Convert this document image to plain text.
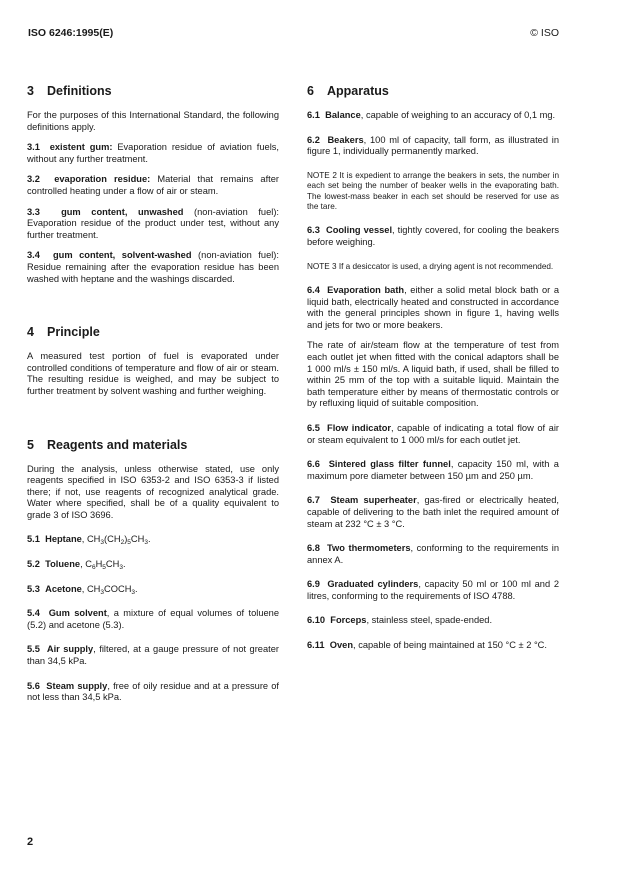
ISO 6246:1995(E)	© ISO
3 Definitions

For the purposes of this International Standard, the following definitions apply.

3.1 existent gum: Evaporation residue of aviation fuels, without any further treatment.

3.2 evaporation residue: Material that remains after controlled heating under a flow of air or steam.

3.3 gum content, unwashed (non-aviation fuel): Evaporation residue of the product under test, without any further treatment.

3.4 gum content, solvent-washed (non-aviation fuel): Residue remaining after the evaporation residue has been washed with heptane and the washings discarded.

4 Principle

A measured test portion of fuel is evaporated under controlled conditions of temperature and flow of air or steam. The resulting residue is weighed, and may be subject to further treatment by solvent washing and further weighing.

5 Reagents and materials

During the analysis, unless otherwise stated, use only reagents specified in ISO 6353-2 and ISO 6353-3 if listed there; if not, use reagents of recognized analytical grade. Water where specified, shall be of a quality equivalent to grade 3 of ISO 3696.

5.1 Heptane, $CH_3(CH_2)_5CH_3$.

5.2 Toluene, $C_6H_5CH_3$.

5.3 Acetone, $CH_3COCH_3$.

5.4 Gum solvent, a mixture of equal volumes of toluene (5.2) and acetone (5.3).

5.5 Air supply, filtered, at a gauge pressure of not greater than 34,5 kPa.

5.6 Steam supply, free of oily residue and at a pressure of not less than 34,5 kPa.

6 Apparatus

6.1 Balance, capable of weighing to an accuracy of 0,1 mg.

6.2 Beakers, 100 ml of capacity, tall form, as illustrated in figure 1, individually permanently marked.

NOTE 2 It is expedient to arrange the beakers in sets, the number in each set being the number of beaker wells in the evaporating bath. The lowest-mass beaker in each set should be reserved for use as the tare.

6.3 Cooling vessel, tightly covered, for cooling the beakers before weighing.

NOTE 3 If a desiccator is used, a drying agent is not recommended.

6.4 Evaporation bath, either a solid metal block bath or a liquid bath, electrically heated and constructed in accordance with the general principles shown in figure 1, having wells and jets for two or more beakers.

The rate of air/steam flow at the temperature of test from each outlet jet when fitted with the conical adaptors shall be 1 000 ml/s ± 150 ml/s. A liquid bath, if used, shall be filled to within 25 mm of the top with a suitable liquid. Maintain the bath temperature either by means of thermostatic controls or by refluxing liquid of suitable composition.

6.5 Flow indicator, capable of indicating a total flow of air or steam equivalent to 1 000 ml/s for each outlet jet.

6.6 Sintered glass filter funnel, capacity 150 ml, with a maximum pore diameter between 150 µm and 250 µm.

6.7 Steam superheater, gas-fired or electrically heated, capable of delivering to the bath inlet the required amount of steam at 232 °C ± 3 °C.

6.8 Two thermometers, conforming to the requirements in annex A.

6.9 Graduated cylinders, capacity 50 ml or 100 ml and 2 litres, conforming to the requirements of ISO 4788.

6.10 Forceps, stainless steel, spade-ended.

6.11 Oven, capable of being maintained at 150 °C ± 2 °C.

2
